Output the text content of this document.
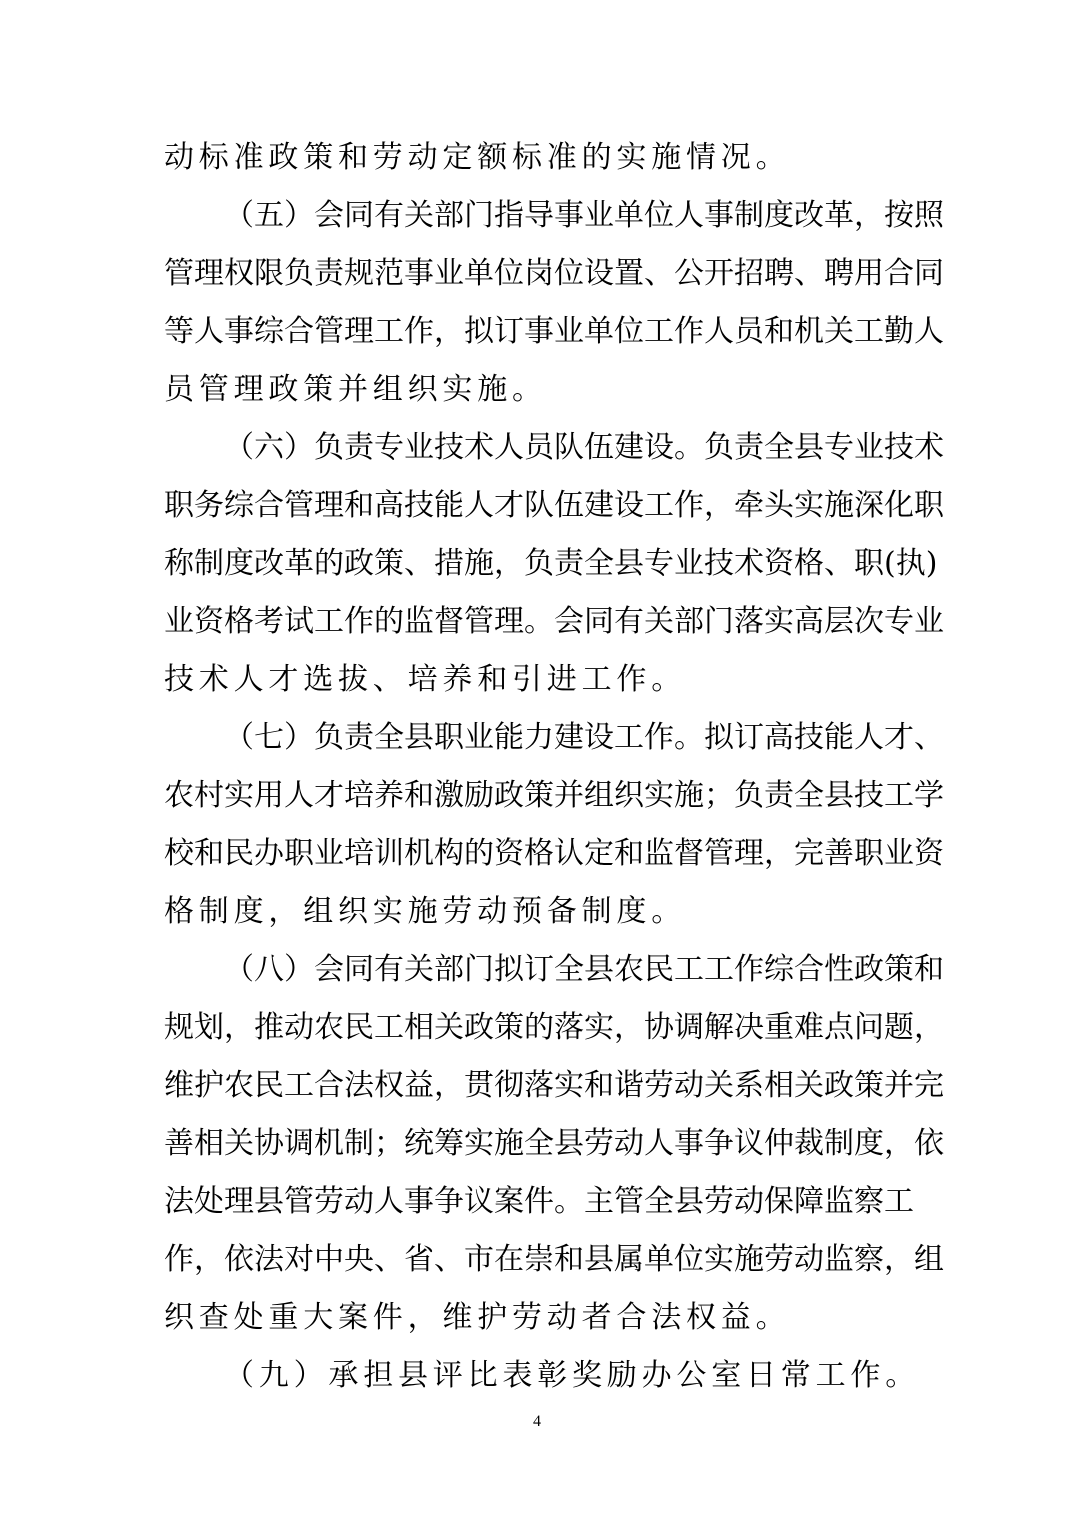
动标准政策和劳动定额标准的实施情况。
（五）会同有关部门指导事业单位人事制度改革，按照
管理权限负责规范事业单位岗位设置、公开招聘、聘用合同
等人事综合管理工作，拟订事业单位工作人员和机关工勤人
员管理政策并组织实施。
（六）负责专业技术人员队伍建设。负责全县专业技术
职务综合管理和高技能人才队伍建设工作，牵头实施深化职
称制度改革的政策、措施，负责全县专业技术资格、职(执)
业资格考试工作的监督管理。会同有关部门落实高层次专业
技术人才选拔、培养和引进工作。
（七）负责全县职业能力建设工作。拟订高技能人才、
农村实用人才培养和激励政策并组织实施；负责全县技工学
校和民办职业培训机构的资格认定和监督管理，完善职业资
格制度，组织实施劳动预备制度。
（八）会同有关部门拟订全县农民工工作综合性政策和
规划，推动农民工相关政策的落实，协调解决重难点问题，
维护农民工合法权益，贯彻落实和谐劳动关系相关政策并完
善相关协调机制；统筹实施全县劳动人事争议仲裁制度，依
法处理县管劳动人事争议案件。主管全县劳动保障监察工
作，依法对中央、省、市在崇和县属单位实施劳动监察，组
织查处重大案件，维护劳动者合法权益。
（九）承担县评比表彰奖励办公室日常工作。
4
